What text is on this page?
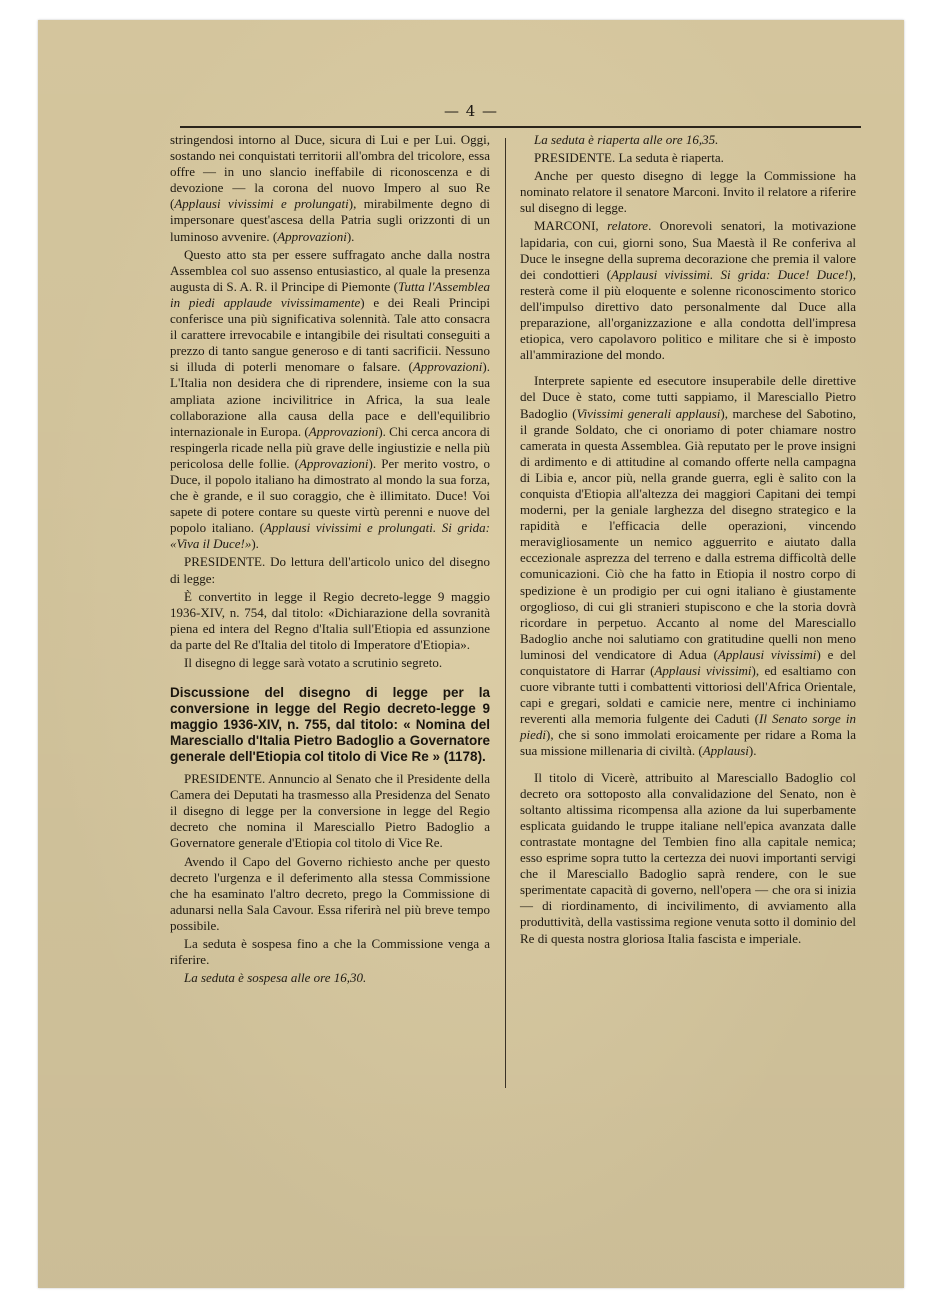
— 4 —

stringendosi intorno al Duce, sicura di Lui e per Lui. Oggi, sostando nei conquistati territorii all'ombra del tricolore, essa offre — in uno slancio ineffabile di riconoscenza e di devozione — la corona del nuovo Impero al suo Re (Applausi vivissimi e prolungati), mirabilmente degno di impersonare quest'ascesa della Patria sugli orizzonti di un luminoso avvenire. (Approvazioni).

Questo atto sta per essere suffragato anche dalla nostra Assemblea col suo assenso entusiastico, al quale la presenza augusta di S. A. R. il Principe di Piemonte (Tutta l'Assemblea in piedi applaude vivissimamente) e dei Reali Principi conferisce una più significativa solennità. Tale atto consacra il carattere irrevocabile e intangibile dei risultati conseguiti a prezzo di tanto sangue generoso e di tanti sacrificii. Nessuno si illuda di poterli menomare o falsare. (Approvazioni). L'Italia non desidera che di riprendere, insieme con la sua ampliata azione incivilitrice in Africa, la sua leale collaborazione alla causa della pace e dell'equilibrio internazionale in Europa. (Approvazioni). Chi cerca ancora di respingerla ricade nella più grave delle ingiustizie e nella più pericolosa delle follie. (Approvazioni). Per merito vostro, o Duce, il popolo italiano ha dimostrato al mondo la sua forza, che è grande, e il suo coraggio, che è illimitato. Duce! Voi sapete di potere contare su queste virtù perenni e nuove del popolo italiano. (Applausi vivissimi e prolungati. Si grida: «Viva il Duce!»).

PRESIDENTE. Do lettura dell'articolo unico del disegno di legge:

È convertito in legge il Regio decreto-legge 9 maggio 1936-XIV, n. 754, dal titolo: «Dichiarazione della sovranità piena ed intera del Regno d'Italia sull'Etiopia ed assunzione da parte del Re d'Italia del titolo di Imperatore d'Etiopia».

Il disegno di legge sarà votato a scrutinio segreto.

Discussione del disegno di legge per la conversione in legge del Regio decreto-legge 9 maggio 1936-XIV, n. 755, dal titolo: « Nomina del Maresciallo d'Italia Pietro Badoglio a Governatore generale dell'Etiopia col titolo di Vice Re » (1178).

PRESIDENTE. Annuncio al Senato che il Presidente della Camera dei Deputati ha trasmesso alla Presidenza del Senato il disegno di legge per la conversione in legge del Regio decreto che nomina il Maresciallo Pietro Badoglio a Governatore generale d'Etiopia col titolo di Vice Re.

Avendo il Capo del Governo richiesto anche per questo decreto l'urgenza e il deferimento alla stessa Commissione che ha esaminato l'altro decreto, prego la Commissione di adunarsi nella Sala Cavour. Essa riferirà nel più breve tempo possibile.

La seduta è sospesa fino a che la Commissione venga a riferire.

La seduta è sospesa alle ore 16,30.

La seduta è riaperta alle ore 16,35.

PRESIDENTE. La seduta è riaperta.

Anche per questo disegno di legge la Commissione ha nominato relatore il senatore Marconi. Invito il relatore a riferire sul disegno di legge.

MARCONI, relatore. Onorevoli senatori, la motivazione lapidaria, con cui, giorni sono, Sua Maestà il Re conferiva al Duce le insegne della suprema decorazione che premia il valore dei condottieri (Applausi vivissimi. Si grida: Duce! Duce!), resterà come il più eloquente e solenne riconoscimento storico dell'impulso direttivo dato personalmente dal Duce alla preparazione, all'organizzazione e alla condotta dell'impresa etiopica, vero capolavoro politico e militare che si è imposto all'ammirazione del mondo.

Interprete sapiente ed esecutore insuperabile delle direttive del Duce è stato, come tutti sappiamo, il Maresciallo Pietro Badoglio (Vivissimi generali applausi), marchese del Sabotino, il grande Soldato, che ci onoriamo di poter chiamare nostro camerata in questa Assemblea. Già reputato per le prove insigni di ardimento e di attitudine al comando offerte nella campagna di Libia e, ancor più, nella grande guerra, egli è salito con la conquista d'Etiopia all'altezza dei maggiori Capitani dei tempi moderni, per la geniale larghezza del disegno strategico e la rapidità e l'efficacia delle operazioni, vincendo meravigliosamente un nemico agguerrito e aiutato dalla eccezionale asprezza del terreno e dalla estrema difficoltà delle comunicazioni. Ciò che ha fatto in Etiopia il nostro corpo di spedizione è un prodigio per cui ogni italiano è giustamente orgoglioso, di cui gli stranieri stupiscono e che la storia dovrà ricordare in perpetuo. Accanto al nome del Maresciallo Badoglio anche noi salutiamo con gratitudine quelli non meno luminosi del vendicatore di Adua (Applausi vivissimi) e del conquistatore di Harrar (Applausi vivissimi), ed esaltiamo con cuore vibrante tutti i combattenti vittoriosi dell'Africa Orientale, capi e gregari, soldati e camicie nere, mentre ci inchiniamo reverenti alla memoria fulgente dei Caduti (Il Senato sorge in piedi), che si sono immolati eroicamente per ridare a Roma la sua missione millenaria di civiltà. (Applausi).

Il titolo di Vicerè, attribuito al Maresciallo Badoglio col decreto ora sottoposto alla convalidazione del Senato, non è soltanto altissima ricompensa alla azione da lui superbamente esplicata guidando le truppe italiane nell'epica avanzata dalle contrastate montagne del Tembien fino alla capitale nemica; esso esprime sopra tutto la certezza dei nuovi importanti servigi che il Maresciallo Badoglio saprà rendere, con le sue sperimentate capacità di governo, nell'opera — che ora si inizia — di riordinamento, di incivilimento, di avviamento alla produttività, della vastissima regione venuta sotto il dominio del Re di questa nostra gloriosa Italia fascista e imperiale.
